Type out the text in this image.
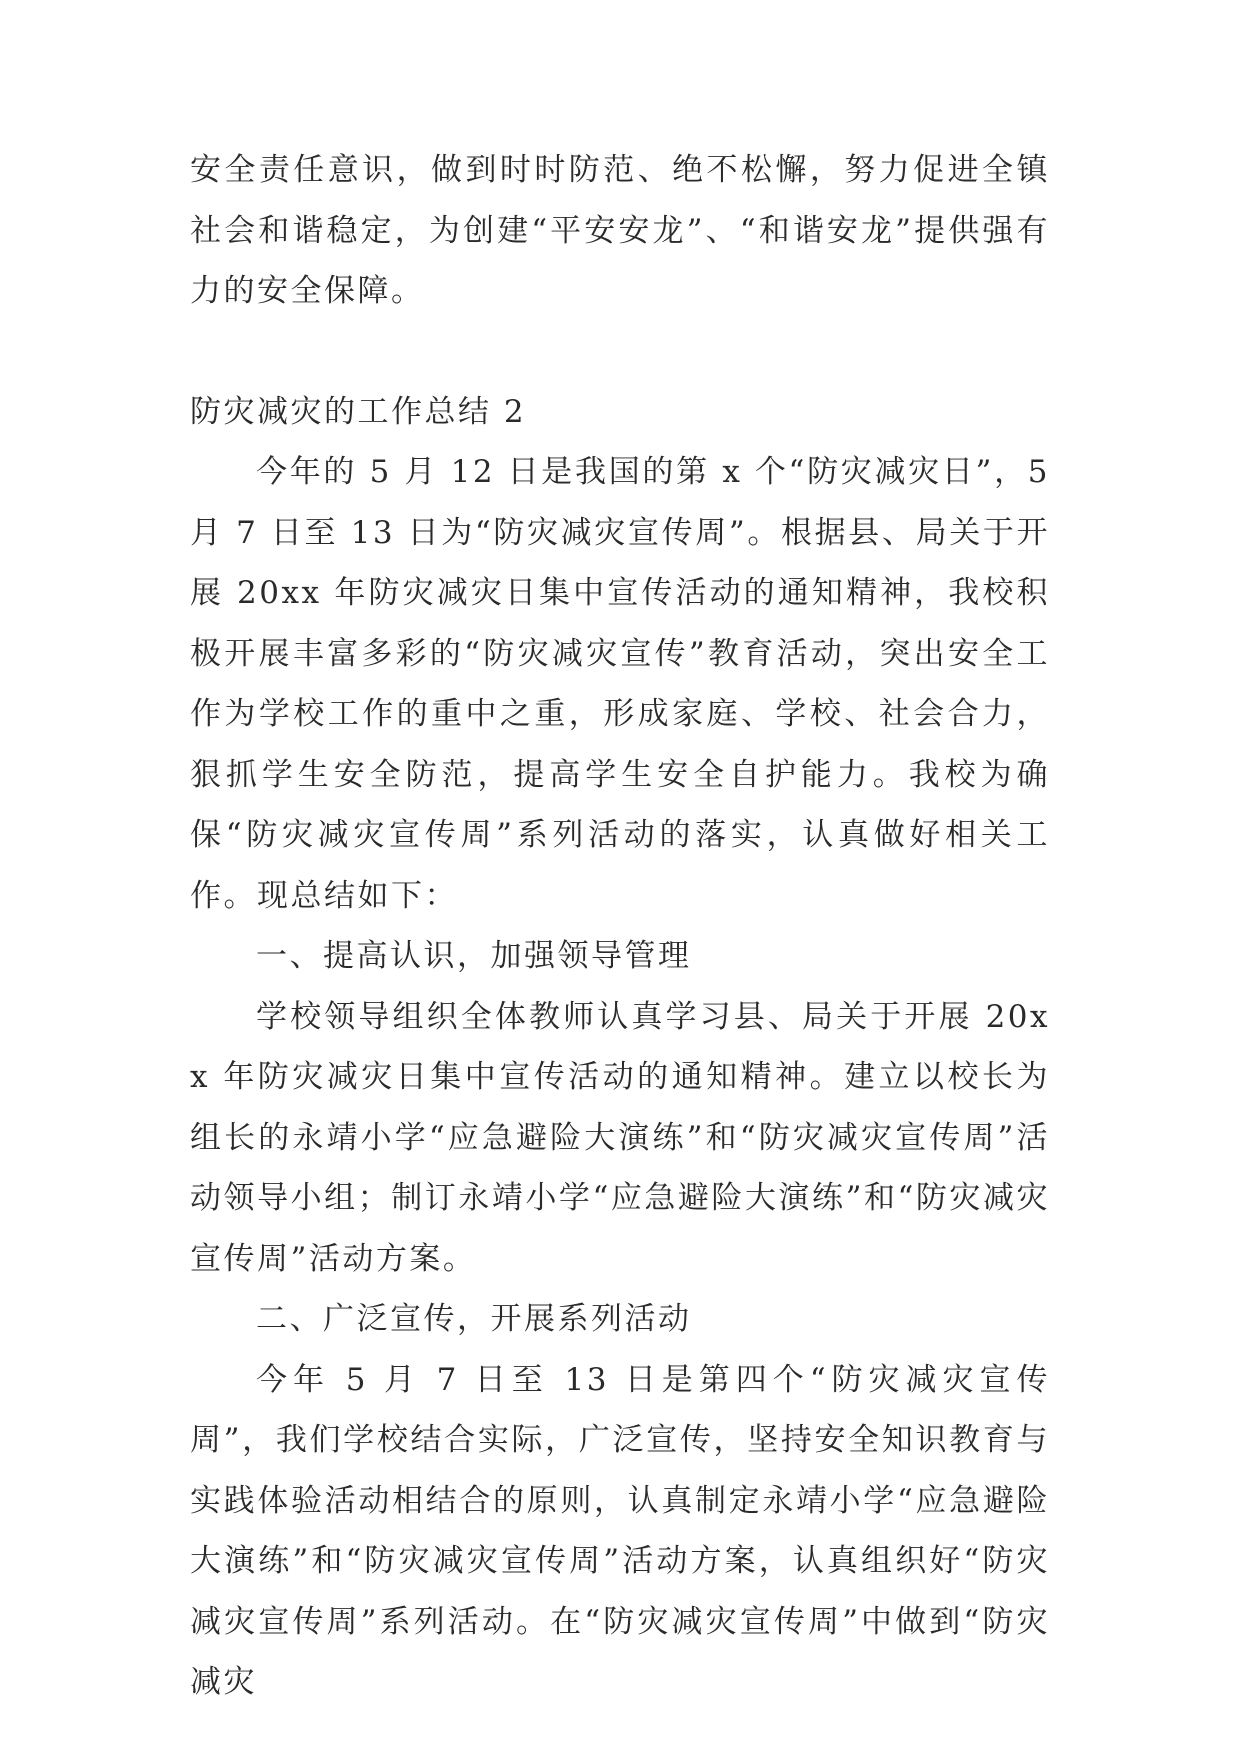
安全责任意识，做到时时防范、绝不松懈，努力促进全镇社会和谐稳定，为创建“平安安龙”、“和谐安龙”提供强有力的安全保障。

防灾减灾的工作总结 2

今年的 5 月 12 日是我国的第 x 个“防灾减灾日”，5 月 7 日至 13 日为“防灾减灾宣传周”。根据县、局关于开展 20xx 年防灾减灾日集中宣传活动的通知精神，我校积极开展丰富多彩的“防灾减灾宣传”教育活动，突出安全工作为学校工作的重中之重，形成家庭、学校、社会合力，狠抓学生安全防范，提高学生安全自护能力。我校为确保“防灾减灾宣传周”系列活动的落实，认真做好相关工作。现总结如下：

一、提高认识，加强领导管理

学校领导组织全体教师认真学习县、局关于开展 20xx 年防灾减灾日集中宣传活动的通知精神。建立以校长为组长的永靖小学“应急避险大演练”和“防灾减灾宣传周”活动领导小组；制订永靖小学“应急避险大演练”和“防灾减灾宣传周”活动方案。

二、广泛宣传，开展系列活动

今年 5 月 7 日至 13 日是第四个“防灾减灾宣传周”，我们学校结合实际，广泛宣传，坚持安全知识教育与实践体验活动相结合的原则，认真制定永靖小学“应急避险大演练”和“防灾减灾宣传周”活动方案，认真组织好“防灾减灾宣传周”系列活动。在“防灾减灾宣传周”中做到“防灾减灾
